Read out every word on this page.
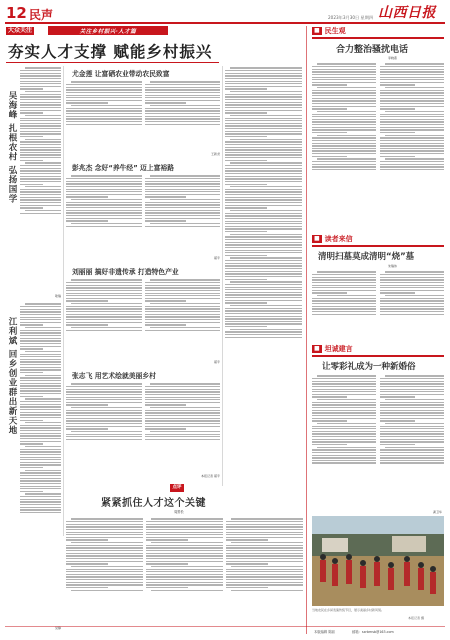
12 民声	2023年3月30日 星期四 山西日报
大众关注	关注乡村振兴·人才篇
夯实人才支撑 赋能乡村振兴
吴海峰 扎根农村 弘扬国学
耿瑞
江利斌 回乡创业群出新天地
吴静
尤金莲 让富硒农业带动农民致富
王新尧
彭兆杰 念好“养牛经” 迈上富裕路
郝辛
刘丽丽 搞好非遗传承 打造特色产业
郝辛
张志飞 用艺术绘就美丽乡村
本报记者 郝辛
点评
紧紧抓住人才这个关键
周景松
■ 民生观
合力整治骚扰电话
李晓燕
■ 读者来信
清明扫墓莫成清明“烧”墓
朱瑞伟
■ 坦诚建言
让零彩礼成为一种新婚俗
龚卫华
当地农民在乡间表演传统节目，展示美丽乡村新风貌。
本报记者 摄
本版编辑 陈丽	邮箱：sxrbmsb@163.com
